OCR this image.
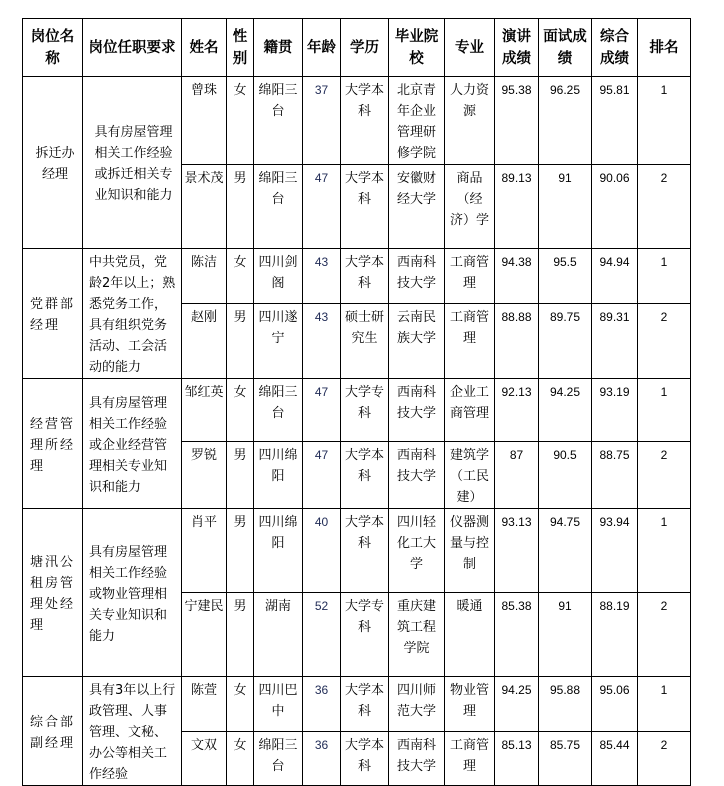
岗位名称	岗位任职要求	姓名	性别	籍贯	年龄	学历	毕业院校	专业	演讲成绩	面试成绩	综合成绩	排名
拆迁办经理	具有房屋管理相关工作经验或拆迁相关专业知识和能力	曾珠	女	绵阳三台	37	大学本科	北京青年企业管理研修学院	人力资源	95.38	96.25	95.81	1
		景术茂	男	绵阳三台	47	大学本科	安徽财经大学	商品（经济）学	89.13	91	90.06	2
党群部经理	中共党员，党龄2年以上；熟悉党务工作，具有组织党务活动、工会活动的能力	陈洁	女	四川剑阁	43	大学本科	西南科技大学	工商管理	94.38	95.5	94.94	1
		赵刚	男	四川遂宁	43	硕士研究生	云南民族大学	工商管理	88.88	89.75	89.31	2
经营管理所经理	具有房屋管理相关工作经验或企业经营管理相关专业知识和能力	邹红英	女	绵阳三台	47	大学专科	西南科技大学	企业工商管理	92.13	94.25	93.19	1
		罗锐	男	四川绵阳	47	大学本科	西南科技大学	建筑学（工民建）	87	90.5	88.75	2
塘汛公租房管理处经理	具有房屋管理相关工作经验或物业管理相关专业知识和能力	肖平	男	四川绵阳	40	大学本科	四川轻化工大学	仪器测量与控制	93.13	94.75	93.94	1
		宁建民	男	湖南	52	大学专科	重庆建筑工程学院	暖通	85.38	91	88.19	2
综合部副经理	具有3年以上行政管理、人事管理、文秘、办公等相关工作经验	陈萱	女	四川巴中	36	大学本科	四川师范大学	物业管理	94.25	95.88	95.06	1
		文双	女	绵阳三台	36	大学本科	西南科技大学	工商管理	85.13	85.75	85.44	2
